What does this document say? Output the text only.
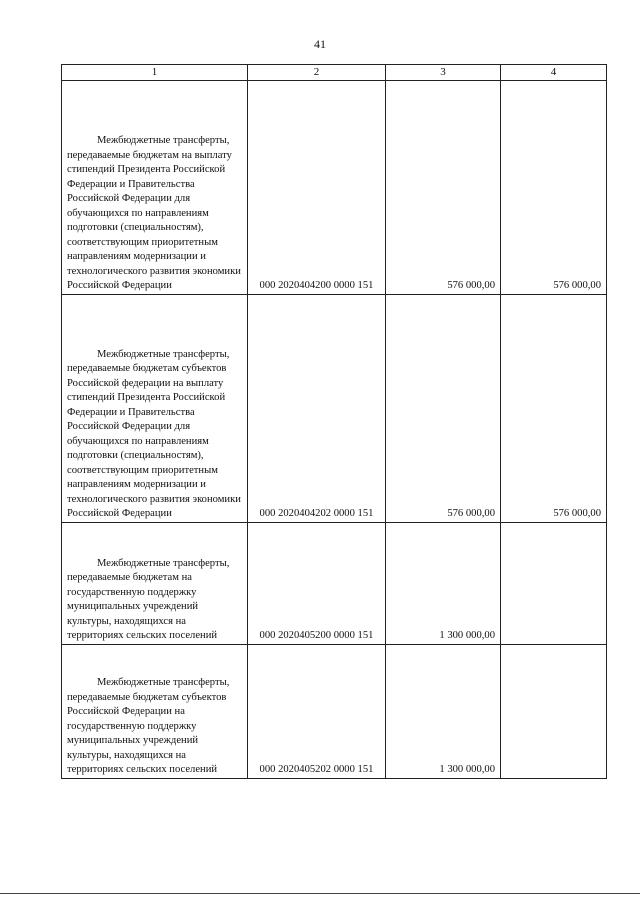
41
1	2	3	4

Межбюджетные трансферты, передаваемые бюджетам на выплату стипендий Президента Российской Федерации и Правительства Российской Федерации для обучающихся по направлениям подготовки (специальностям), соответствующим приоритетным направлениям модернизации и технологического развития экономики Российской Федерации	000 2020404200 0000 151	576 000,00	576 000,00

Межбюджетные трансферты, передаваемые бюджетам субъектов Российской федерации на выплату стипендий Президента Российской Федерации и Правительства Российской Федерации для обучающихся по направлениям подготовки (специальностям), соответствующим приоритетным направлениям модернизации и технологического развития экономики Российской Федерации	000 2020404202 0000 151	576 000,00	576 000,00

Межбюджетные трансферты, передаваемые бюджетам на государственную поддержку муниципальных учреждений культуры, находящихся на территориях сельских поселений	000 2020405200 0000 151	1 300 000,00	

Межбюджетные трансферты, передаваемые бюджетам субъектов Российской Федерации на государственную поддержку муниципальных учреждений культуры, находящихся на территориях сельских поселений	000 2020405202 0000 151	1 300 000,00	
